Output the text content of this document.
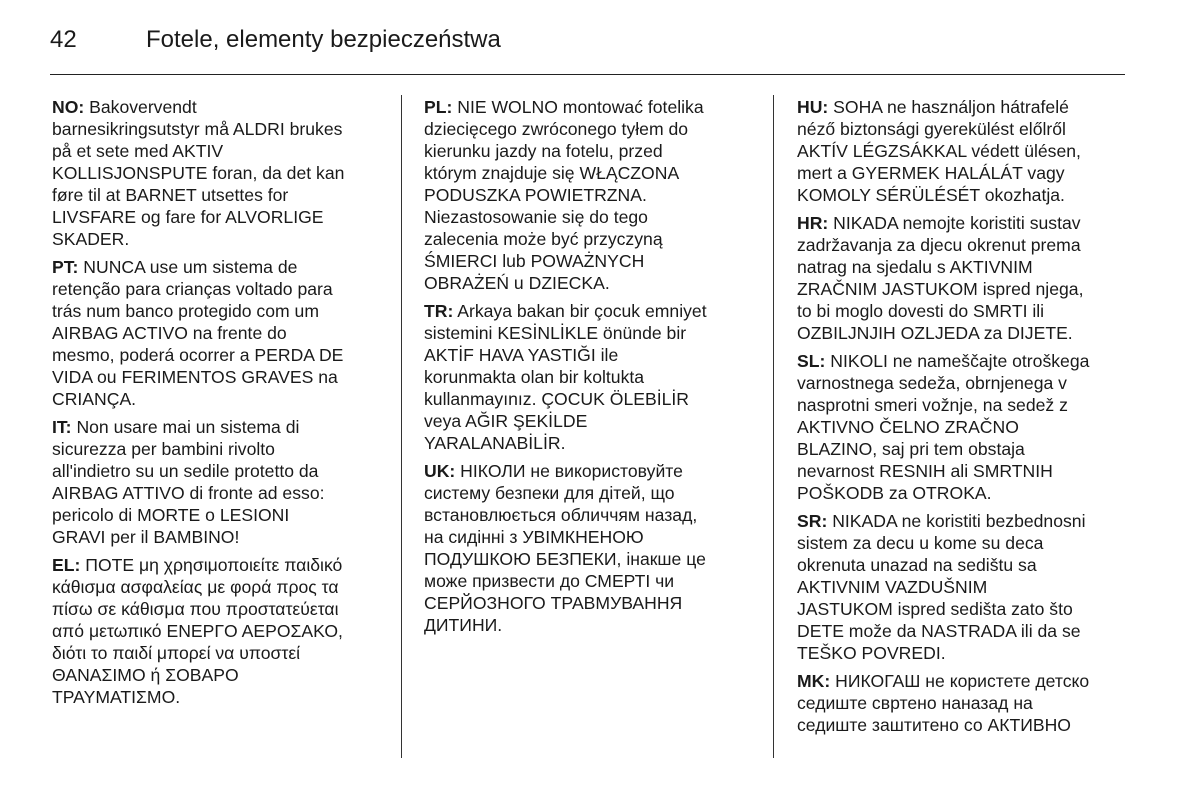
42	Fotele, elementy bezpieczeństwa
NO: Bakovervendt
barnesikringsutstyr må ALDRI brukes
på et sete med AKTIV
KOLLISJONSPUTE foran, da det kan
føre til at BARNET utsettes for
LIVSFARE og fare for ALVORLIGE
SKADER.
PT: NUNCA use um sistema de
retenção para crianças voltado para
trás num banco protegido com um
AIRBAG ACTIVO na frente do
mesmo, poderá ocorrer a PERDA DE
VIDA ou FERIMENTOS GRAVES na
CRIANÇA.
IT: Non usare mai un sistema di
sicurezza per bambini rivolto
all'indietro su un sedile protetto da
AIRBAG ATTIVO di fronte ad esso:
pericolo di MORTE o LESIONI
GRAVI per il BAMBINO!
EL: ΠΟΤΕ μη χρησιμοποιείτε παιδικό
κάθισμα ασφαλείας με φορά προς τα
πίσω σε κάθισμα που προστατεύεται
από μετωπικό ΕΝΕΡΓΟ ΑΕΡΟΣΑΚΟ,
διότι το παιδί μπορεί να υποστεί
ΘΑΝΑΣΙΜΟ ή ΣΟΒΑΡΟ
ΤΡΑΥΜΑΤΙΣΜΟ.
PL: NIE WOLNO montować fotelika
dziecięcego zwróconego tyłem do
kierunku jazdy na fotelu, przed
którym znajduje się WŁĄCZONA
PODUSZKA POWIETRZNA.
Niezastosowanie się do tego
zalecenia może być przyczyną
ŚMIERCI lub POWAŻNYCH
OBRAŻEŃ u DZIECKA.
TR: Arkaya bakan bir çocuk emniyet
sistemini KESİNLİKLE önünde bir
AKTİF HAVA YASTIĞI ile
korunmakta olan bir koltukta
kullanmayınız. ÇOCUK ÖLEBİLİR
veya AĞIR ŞEKİLDE
YARALANABİLİR.
UK: НІКОЛИ не використовуйте
систему безпеки для дітей, що
встановлюється обличчям назад,
на сидінні з УВІМКНЕНОЮ
ПОДУШКОЮ БЕЗПЕКИ, інакше це
може призвести до СМЕРТІ чи
СЕРЙОЗНОГО ТРАВМУВАННЯ
ДИТИНИ.
HU: SOHA ne használjon hátrafelé
néző biztonsági gyerekülést előlről
AKTÍV LÉGZSÁKKAL védett ülésen,
mert a GYERMEK HALÁLÁT vagy
KOMOLY SÉRÜLÉSÉT okozhatja.
HR: NIKADA nemojte koristiti sustav
zadržavanja za djecu okrenut prema
natrag na sjedalu s AKTIVNIM
ZRAČNIM JASTUKOM ispred njega,
to bi moglo dovesti do SMRTI ili
OZBILJNJIH OZLJEDA za DIJETE.
SL: NIKOLI ne nameščajte otroškega
varnostnega sedeža, obrnjenega v
nasprotni smeri vožnje, na sedež z
AKTIVNO ČELNO ZRAČNO
BLAZINO, saj pri tem obstaja
nevarnost RESNIH ali SMRTNIH
POŠKODB za OTROKA.
SR: NIKADA ne koristiti bezbednosni
sistem za decu u kome su deca
okrenuta unazad na sedištu sa
AKTIVNIM VAZDUŠNIM
JASTUKOM ispred sedišta zato što
DETE može da NASTRADA ili da se
TEŠKO POVREDI.
MK: НИКОГАШ не користете детско
седиште свртено наназад на
седиште заштитено со АКТИВНО
